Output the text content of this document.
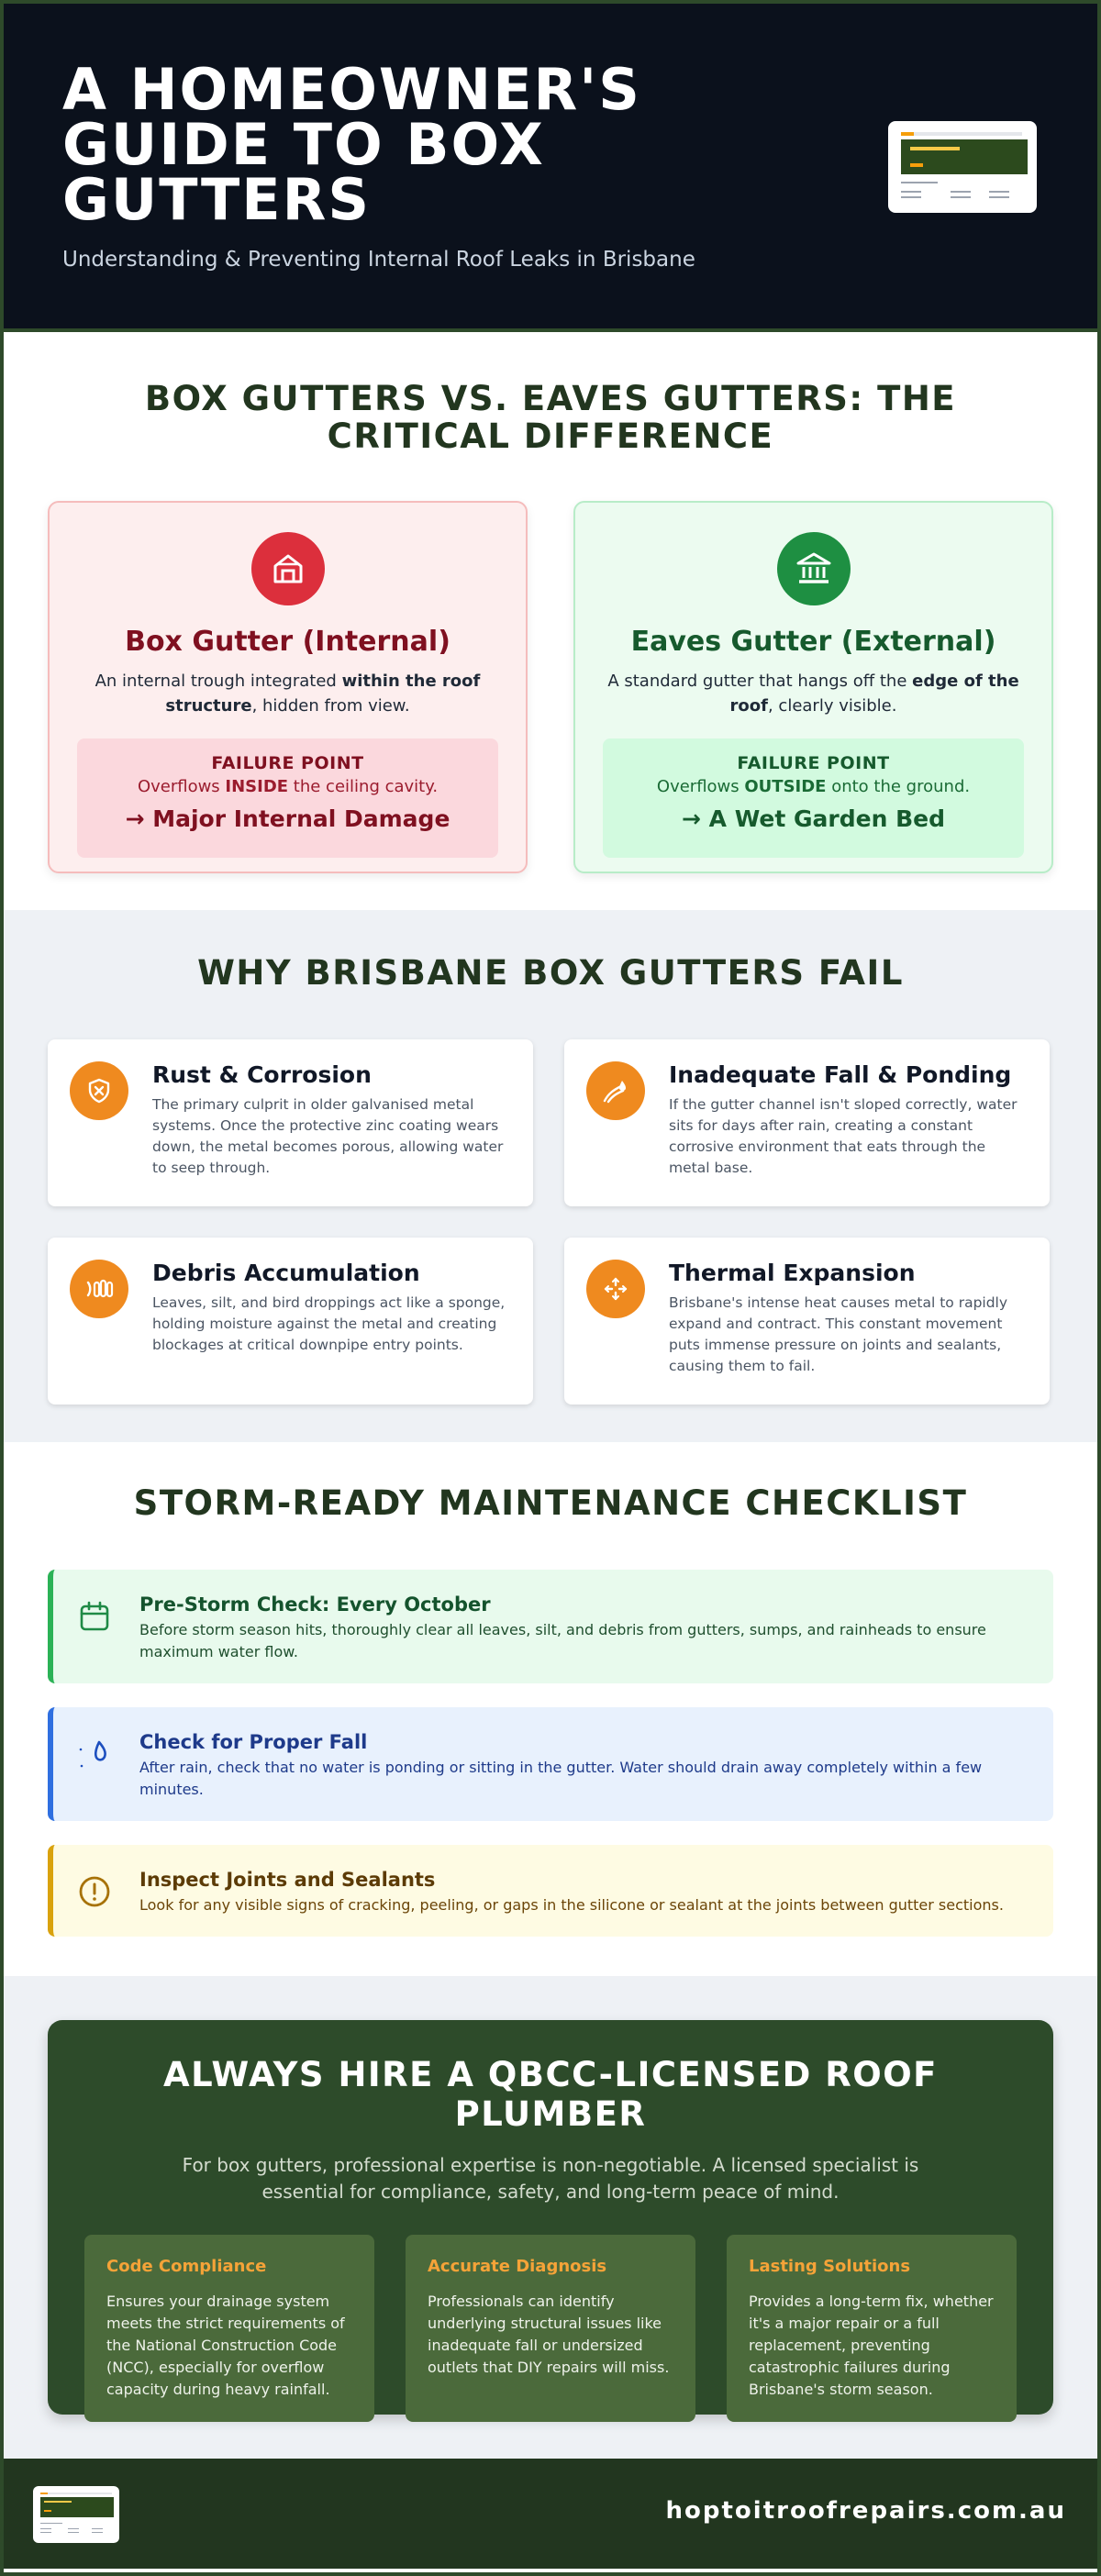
A HOMEOWNER'S GUIDE TO BOX GUTTERS

Understanding & Preventing Internal Roof Leaks in Brisbane

BOX GUTTERS VS. EAVES GUTTERS: THE CRITICAL DIFFERENCE
Box Gutter (Internal)

An internal trough integrated within the roof structure, hidden from view.

FAILURE POINT
Overflows INSIDE the ceiling cavity.
→ Major Internal Damage
Eaves Gutter (External)

A standard gutter that hangs off the edge of the roof, clearly visible.

FAILURE POINT
Overflows OUTSIDE onto the ground.
→ A Wet Garden Bed
WHY BRISBANE BOX GUTTERS FAIL
Rust & Corrosion

The primary culprit in older galvanised metal systems. Once the protective zinc coating wears down, the metal becomes porous, allowing water to seep through.

Inadequate Fall & Ponding

If the gutter channel isn't sloped correctly, water sits for days after rain, creating a constant corrosive environment that eats through the metal base.

Debris Accumulation

Leaves, silt, and bird droppings act like a sponge, holding moisture against the metal and creating blockages at critical downpipe entry points.

Thermal Expansion

Brisbane's intense heat causes metal to rapidly expand and contract. This constant movement puts immense pressure on joints and sealants, causing them to fail.

STORM-READY MAINTENANCE CHECKLIST
Pre-Storm Check: Every October

Before storm season hits, thoroughly clear all leaves, silt, and debris from gutters, sumps, and rainheads to ensure maximum water flow.

Check for Proper Fall

After rain, check that no water is ponding or sitting in the gutter. Water should drain away completely within a few minutes.

Inspect Joints and Sealants

Look for any visible signs of cracking, peeling, or gaps in the silicone or sealant at the joints between gutter sections.

ALWAYS HIRE A QBCC-LICENSED ROOF PLUMBER

For box gutters, professional expertise is non-negotiable. A licensed specialist is essential for compliance, safety, and long-term peace of mind.

Code Compliance

Ensures your drainage system meets the strict requirements of the National Construction Code (NCC), especially for overflow capacity during heavy rainfall.

Accurate Diagnosis

Professionals can identify underlying structural issues like inadequate fall or undersized outlets that DIY repairs will miss.

Lasting Solutions

Provides a long-term fix, whether it's a major repair or a full replacement, preventing catastrophic failures during Brisbane's storm season.

hoptoitroofrepairs.com.au
